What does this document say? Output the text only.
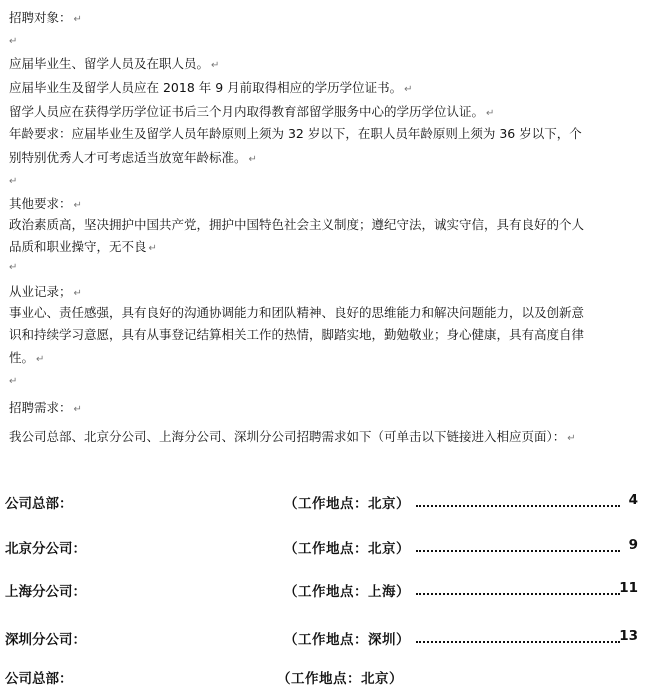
招聘对象： ↵
↵
应届毕业生、留学人员及在职人员。 ↵
应届毕业生及留学人员应在 2018 年 9 月前取得相应的学历学位证书。 ↵
留学人员应在获得学历学位证书后三个月内取得教育部留学服务中心的学历学位认证。 ↵
年龄要求：应届毕业生及留学人员年龄原则上须为 32 岁以下，在职人员年龄原则上须为 36 岁以下，个
别特别优秀人才可考虑适当放宽年龄标准。 ↵
↵
其他要求： ↵
政治素质高，坚决拥护中国共产党，拥护中国特色社会主义制度；遵纪守法，诚实守信，具有良好的个人
品质和职业操守，无不良 ↵
↵
从业记录； ↵
事业心、责任感强，具有良好的沟通协调能力和团队精神、良好的思维能力和解决问题能力，以及创新意
识和持续学习意愿，具有从事登记结算相关工作的热情，脚踏实地，勤勉敬业；身心健康，具有高度自律
性。 ↵
↵
招聘需求： ↵
我公司总部、北京分公司、上海分公司、深圳分公司招聘需求如下（可单击以下链接进入相应页面）： ↵
公司总部：	（工作地点：北京）	4
北京分公司：	（工作地点：北京）	9
上海分公司：	（工作地点：上海）	11
深圳分公司：	（工作地点：深圳）	13
公司总部：	（工作地点：北京）
